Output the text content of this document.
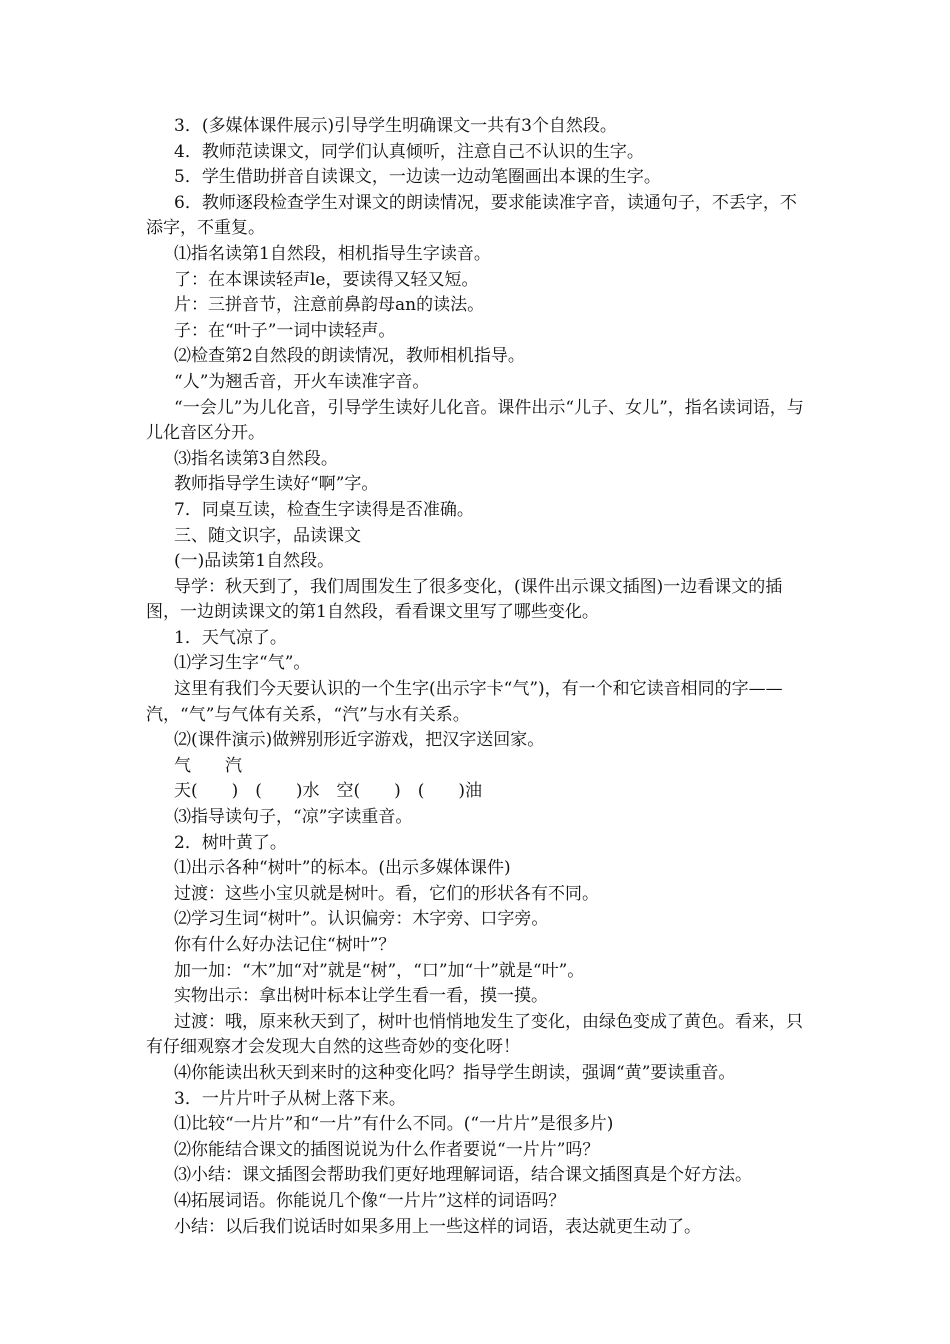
3．(多媒体课件展示)引导学生明确课文一共有3个自然段。

4．教师范读课文，同学们认真倾听，注意自己不认识的生字。

5．学生借助拼音自读课文，一边读一边动笔圈画出本课的生字。

6．教师逐段检查学生对课文的朗读情况，要求能读准字音，读通句子，不丢字，不添字，不重复。

⑴指名读第1自然段，相机指导生字读音。

了：在本课读轻声le，要读得又轻又短。

片：三拼音节，注意前鼻韵母an的读法。

子：在“叶子”一词中读轻声。

⑵检查第2自然段的朗读情况，教师相机指导。

“人”为翘舌音，开火车读准字音。

“一会儿”为儿化音，引导学生读好儿化音。课件出示“儿子、女儿”，指名读词语，与儿化音区分开。

⑶指名读第3自然段。

教师指导学生读好“啊”字。

7．同桌互读，检查生字读得是否准确。

三、随文识字，品读课文

(一)品读第1自然段。

导学：秋天到了，我们周围发生了很多变化，(课件出示课文插图)一边看课文的插图，一边朗读课文的第1自然段，看看课文里写了哪些变化。

1．天气凉了。

⑴学习生字“气”。

这里有我们今天要认识的一个生字(出示字卡“气”)，有一个和它读音相同的字——汽，“气”与气体有关系，“汽”与水有关系。

⑵(课件演示)做辨别形近字游戏，把汉字送回家。

气　　汽

天(　　)　(　　)水　空(　　)　(　　)油

⑶指导读句子，“凉”字读重音。

2．树叶黄了。

⑴出示各种“树叶”的标本。(出示多媒体课件)

过渡：这些小宝贝就是树叶。看，它们的形状各有不同。

⑵学习生词“树叶”。认识偏旁：木字旁、口字旁。

你有什么好办法记住“树叶”？

加一加：“木”加“对”就是“树”，“口”加“十”就是“叶”。

实物出示：拿出树叶标本让学生看一看，摸一摸。

过渡：哦，原来秋天到了，树叶也悄悄地发生了变化，由绿色变成了黄色。看来，只有仔细观察才会发现大自然的这些奇妙的变化呀！

⑷你能读出秋天到来时的这种变化吗？指导学生朗读，强调“黄”要读重音。

3．一片片叶子从树上落下来。

⑴比较“一片片”和“一片”有什么不同。(“一片片”是很多片)

⑵你能结合课文的插图说说为什么作者要说“一片片”吗？

⑶小结：课文插图会帮助我们更好地理解词语，结合课文插图真是个好方法。

⑷拓展词语。你能说几个像“一片片”这样的词语吗？

小结：以后我们说话时如果多用上一些这样的词语，表达就更生动了。
